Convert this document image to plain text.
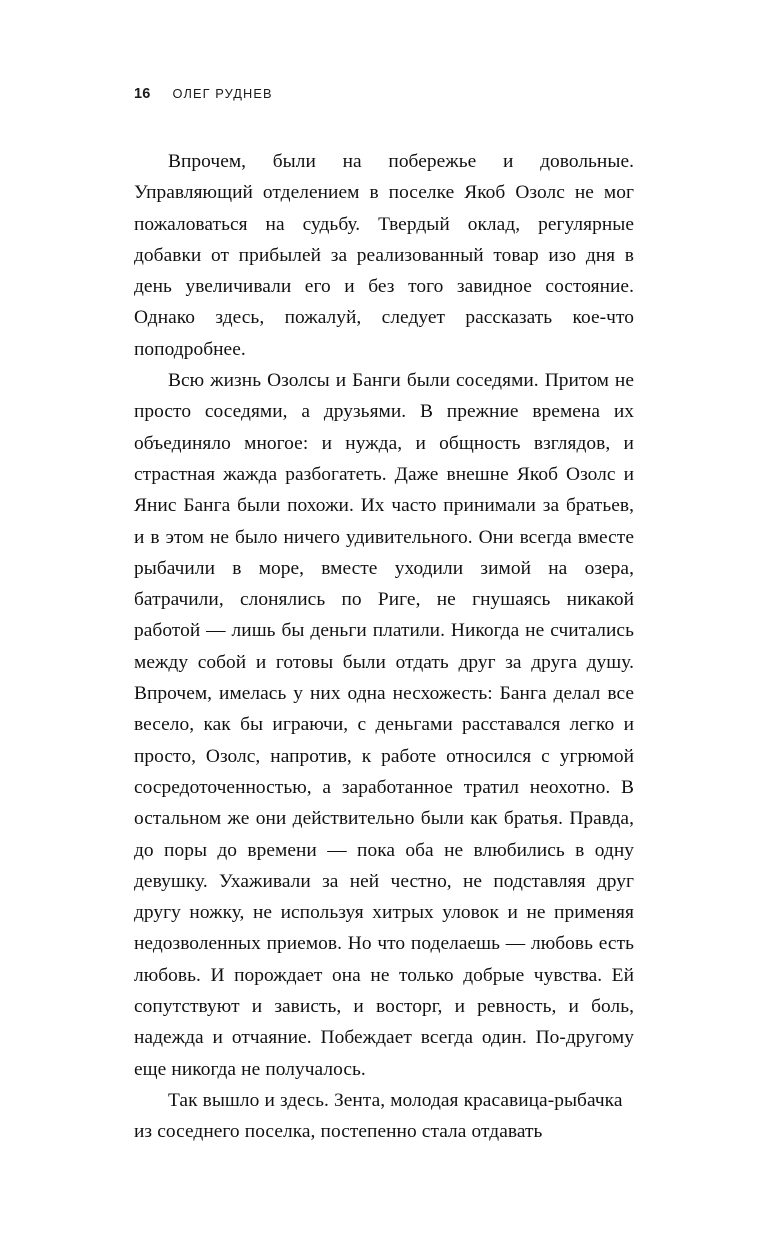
16 ОЛЕГ РУДНЕВ

Впрочем, были на побережье и довольные. Управляющий отделением в поселке Якоб Озолс не мог пожаловаться на судьбу. Твердый оклад, регулярные добавки от прибылей за реализованный товар изо дня в день увеличивали его и без того завидное состояние. Однако здесь, пожалуй, следует рассказать кое-что поподробнее.

Всю жизнь Озолсы и Банги были соседями. Притом не просто соседями, а друзьями. В прежние времена их объединяло многое: и нужда, и общность взглядов, и страстная жажда разбогатеть. Даже внешне Якоб Озолс и Янис Банга были похожи. Их часто принимали за братьев, и в этом не было ничего удивительного. Они всегда вместе рыбачили в море, вместе уходили зимой на озера, батрачили, слонялись по Риге, не гнушаясь никакой работой — лишь бы деньги платили. Никогда не считались между собой и готовы были отдать друг за друга душу. Впрочем, имелась у них одна несхожесть: Банга делал все весело, как бы играючи, с деньгами расставался легко и просто, Озолс, напротив, к работе относился с угрюмой сосредоточенностью, а заработанное тратил неохотно. В остальном же они действительно были как братья. Правда, до поры до времени — пока оба не влюбились в одну девушку. Ухаживали за ней честно, не подставляя друг другу ножку, не используя хитрых уловок и не применяя недозволенных приемов. Но что поделаешь — любовь есть любовь. И порождает она не только добрые чувства. Ей сопутствуют и зависть, и восторг, и ревность, и боль, надежда и отчаяние. Побеждает всегда один. По-другому еще никогда не получалось.

Так вышло и здесь. Зента, молодая красавица-рыбачка из соседнего поселка, постепенно стала отдавать
